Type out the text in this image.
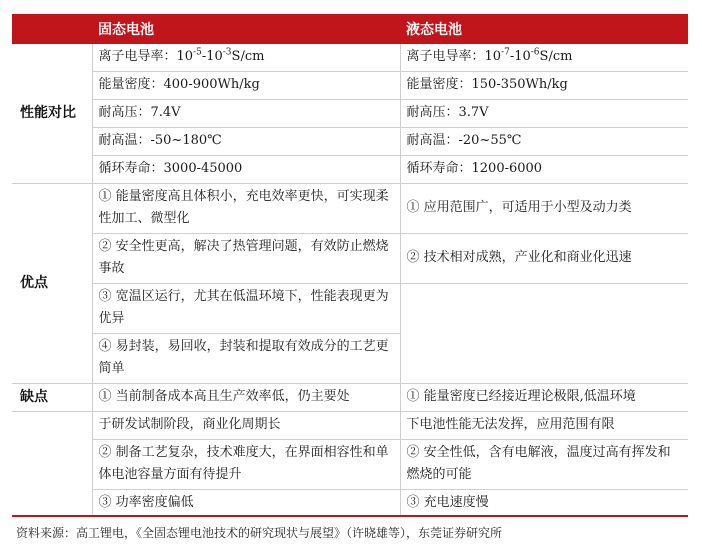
	固态电池	液态电池
性能对比	离子电导率：$10^{-5}-10^{-3}S/cm$	离子电导率：$10^{-7}-10^{-6}S/cm$
	能量密度：400-900Wh/kg	能量密度：150-350Wh/kg
	耐高压：7.4V	耐高压：3.7V
	耐高温：-50~180℃	耐高温：-20~55℃
	循环寿命：3000-45000	循环寿命：1200-6000
优点	① 能量密度高且体积小，充电效率更快，可实现柔性加工、微型化	① 应用范围广，可适用于小型及动力类
	② 安全性更高，解决了热管理问题，有效防止燃烧事故	② 技术相对成熟，产业化和商业化迅速
	③ 宽温区运行，尤其在低温环境下，性能表现更为优异	
	④ 易封装，易回收，封装和提取有效成分的工艺更简单	
缺点	① 当前制备成本高且生产效率低，仍主要处	① 能量密度已经接近理论极限,低温环境
	于研发试制阶段，商业化周期长	下电池性能无法发挥，应用范围有限
	② 制备工艺复杂，技术难度大，在界面相容性和单体电池容量方面有待提升	② 安全性低，含有电解液，温度过高有挥发和燃烧的可能
	③ 功率密度偏低	③ 充电速度慢
资料来源：高工锂电，《全固态锂电池技术的研究现状与展望》（许晓雄等），东莞证券研究所
